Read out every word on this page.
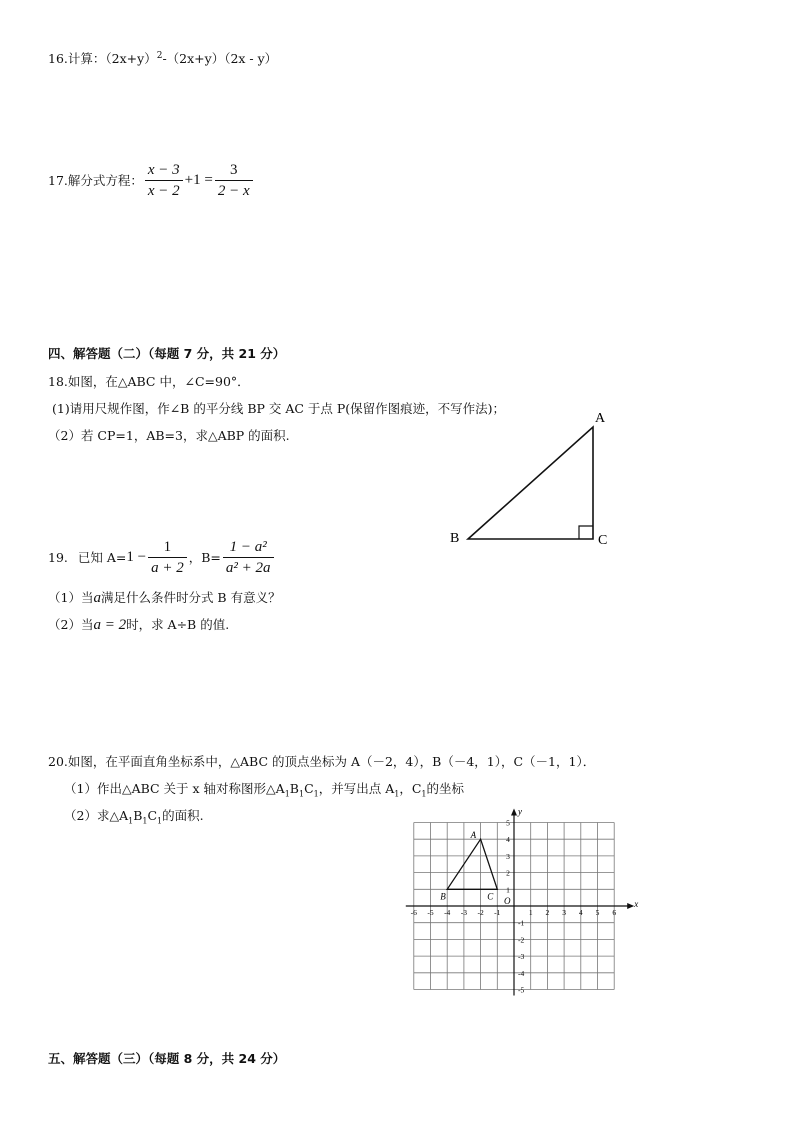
16.计算：$(2x+y)^2-(2x+y)(2x - y)$
17.解分式方程： $\frac{x - 3}{x - 2} +1 = \frac{3}{2 - x}$
四、解答题（二）（每题 7 分，共 21 分）
18.如图，在△ABC 中，∠C=90°．
(1)请用尺规作图，作∠B 的平分线 BP 交 AC 于点 P(保留作图痕迹，不写作法)；
（2）若 CP=1，AB=3，求△ABP 的面积.
A
B	C
19. 已知 $A= 1 - \frac{1}{a + 2}$ ，$B= \frac{\text{1 − a²}}{\text{a² + 2a}}$
（1）当a满足什么条件时分式 B 有意义？
（2）当a = 2时，求 A÷B 的值.
20.如图，在平面直角坐标系中，△ABC 的顶点坐标为 A（－2，4），B（－4，1），C（－1，1）．
（1）作出△ABC 关于 x 轴对称图形$\triangle A_1B_1C_1$，并写出点 $A_1$，$C_1$的坐标
（2）求$\triangle A_1B_1C_1$的面积.
x
y
O
-6 -5 -4 -3 -2 -1	1 2 3 4 5 6
5
4
3
2
1
-1
-2
-3
-4
-5
A
B	C
五、解答题（三）（每题 8 分，共 24 分）
